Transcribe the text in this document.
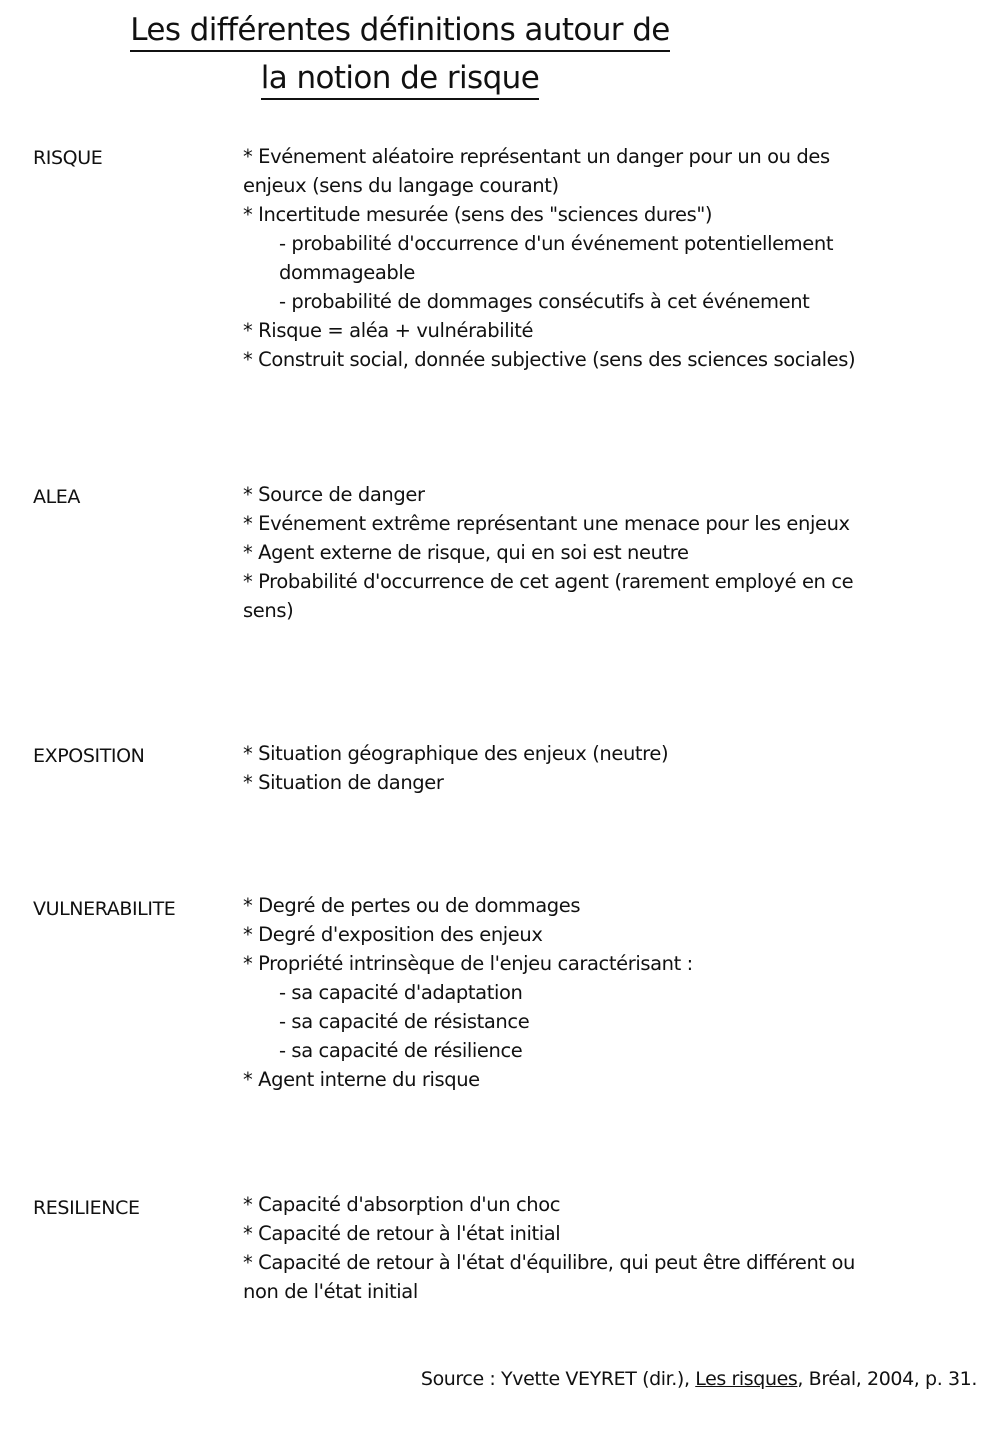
Les différentes définitions autour de
la notion de risque
RISQUE	* Evénement aléatoire représentant un danger pour un ou des enjeux (sens du langage courant)

* Incertitude mesurée (sens des "sciences dures")

- probabilité d'occurrence d'un événement potentiellement dommageable

- probabilité de dommages consécutifs à cet événement

* Risque = aléa + vulnérabilité

* Construit social, donnée subjective (sens des sciences sociales)

ALEA	* Source de danger

* Evénement extrême représentant une menace pour les enjeux

* Agent externe de risque, qui en soi est neutre

* Probabilité d'occurrence de cet agent (rarement employé en ce sens)

EXPOSITION	* Situation géographique des enjeux (neutre)

* Situation de danger

VULNERABILITE	* Degré de pertes ou de dommages

* Degré d'exposition des enjeux

* Propriété intrinsèque de l'enjeu caractérisant :

- sa capacité d'adaptation

- sa capacité de résistance

- sa capacité de résilience

* Agent interne du risque

RESILIENCE	* Capacité d'absorption d'un choc

* Capacité de retour à l'état initial

* Capacité de retour à l'état d'équilibre, qui peut être différent ou non de l'état initial

Source : Yvette VEYRET (dir.), Les risques, Bréal, 2004, p. 31.
